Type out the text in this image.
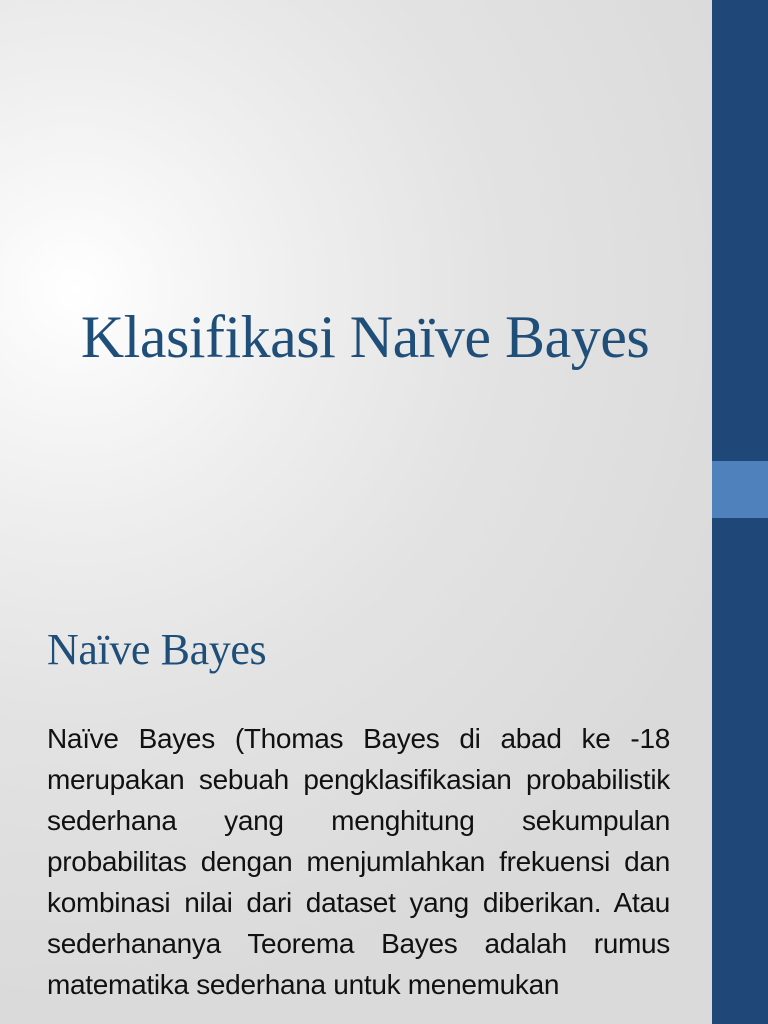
Klasifikasi Naïve Bayes
Naïve Bayes

Naïve Bayes (Thomas Bayes di abad ke -18 merupakan sebuah pengklasifikasian probabilistik sederhana yang menghitung sekumpulan probabilitas dengan menjumlahkan frekuensi dan kombinasi nilai dari dataset yang diberikan. Atau sederhananya Teorema Bayes adalah rumus matematika sederhana untuk menemukan
